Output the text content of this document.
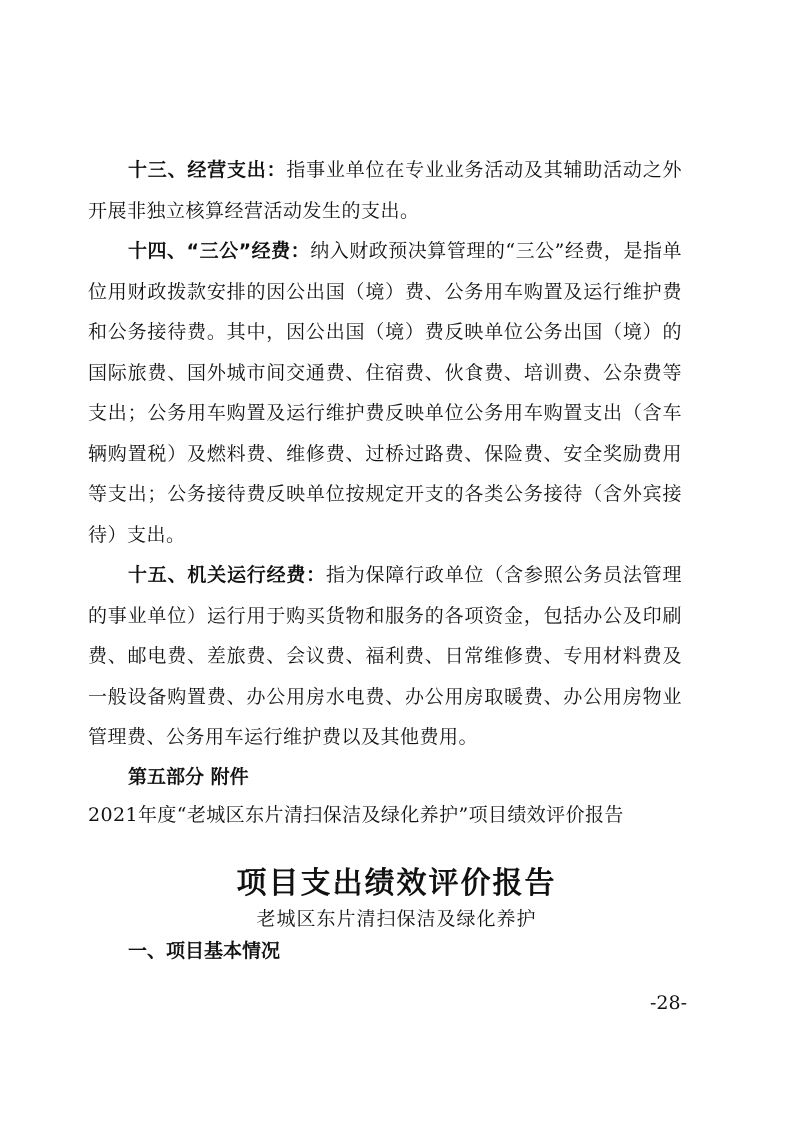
十三、经营支出：指事业单位在专业业务活动及其辅助活动之外开展非独立核算经营活动发生的支出。

十四、“三公”经费：纳入财政预决算管理的“三公”经费，是指单位用财政拨款安排的因公出国（境）费、公务用车购置及运行维护费和公务接待费。其中，因公出国（境）费反映单位公务出国（境）的国际旅费、国外城市间交通费、住宿费、伙食费、培训费、公杂费等支出；公务用车购置及运行维护费反映单位公务用车购置支出（含车辆购置税）及燃料费、维修费、过桥过路费、保险费、安全奖励费用等支出；公务接待费反映单位按规定开支的各类公务接待（含外宾接待）支出。

十五、机关运行经费：指为保障行政单位（含参照公务员法管理的事业单位）运行用于购买货物和服务的各项资金，包括办公及印刷费、邮电费、差旅费、会议费、福利费、日常维修费、专用材料费及一般设备购置费、办公用房水电费、办公用房取暖费、办公用房物业管理费、公务用车运行维护费以及其他费用。

第五部分 附件

2021年度“老城区东片清扫保洁及绿化养护”项目绩效评价报告

项目支出绩效评价报告
老城区东片清扫保洁及绿化养护
一、项目基本情况
-28-
